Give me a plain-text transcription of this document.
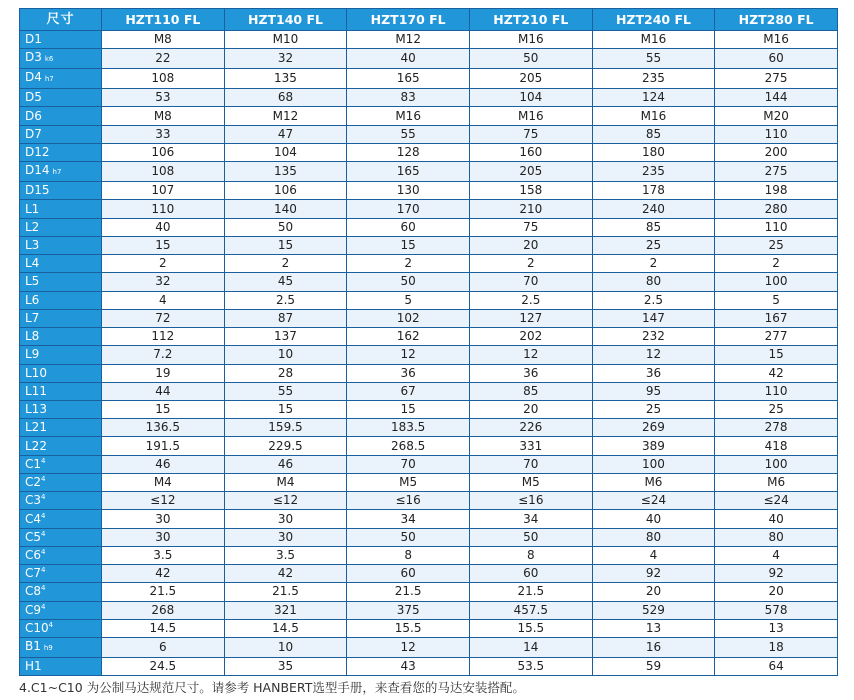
尺寸	HZT110 FL	HZT140 FL	HZT170 FL	HZT210 FL	HZT240 FL	HZT280 FL
D1	M8	M10	M12	M16	M16	M16
D3 k6	22	32	40	50	55	60
D4 h7	108	135	165	205	235	275
D5	53	68	83	104	124	144
D6	M8	M12	M16	M16	M16	M20
D7	33	47	55	75	85	110
D12	106	104	128	160	180	200
D14 h7	108	135	165	205	235	275
D15	107	106	130	158	178	198
L1	110	140	170	210	240	280
L2	40	50	60	75	85	110
L3	15	15	15	20	25	25
L4	2	2	2	2	2	2
L5	32	45	50	70	80	100
L6	4	2.5	5	2.5	2.5	5
L7	72	87	102	127	147	167
L8	112	137	162	202	232	277
L9	7.2	10	12	12	12	15
L10	19	28	36	36	36	42
L11	44	55	67	85	95	110
L13	15	15	15	20	25	25
L21	136.5	159.5	183.5	226	269	278
L22	191.5	229.5	268.5	331	389	418
$C1^4$	46	46	70	70	100	100
$C2^4$	M4	M4	M5	M5	M6	M6
$C3^4$	≤12	≤12	≤16	≤16	≤24	≤24
$C4^4$	30	30	34	34	40	40
$C5^4$	30	30	50	50	80	80
$C6^4$	3.5	3.5	8	8	4	4
$C7^4$	42	42	60	60	92	92
$C8^4$	21.5	21.5	21.5	21.5	20	20
$C9^4$	268	321	375	457.5	529	578
$C10^4$	14.5	14.5	15.5	15.5	13	13
B1 h9	6	10	12	14	16	18
H1	24.5	35	43	53.5	59	64
4.C1~C10 为公制马达规范尺寸。请参考 HANBERT选型手册，来查看您的马达安装搭配。
